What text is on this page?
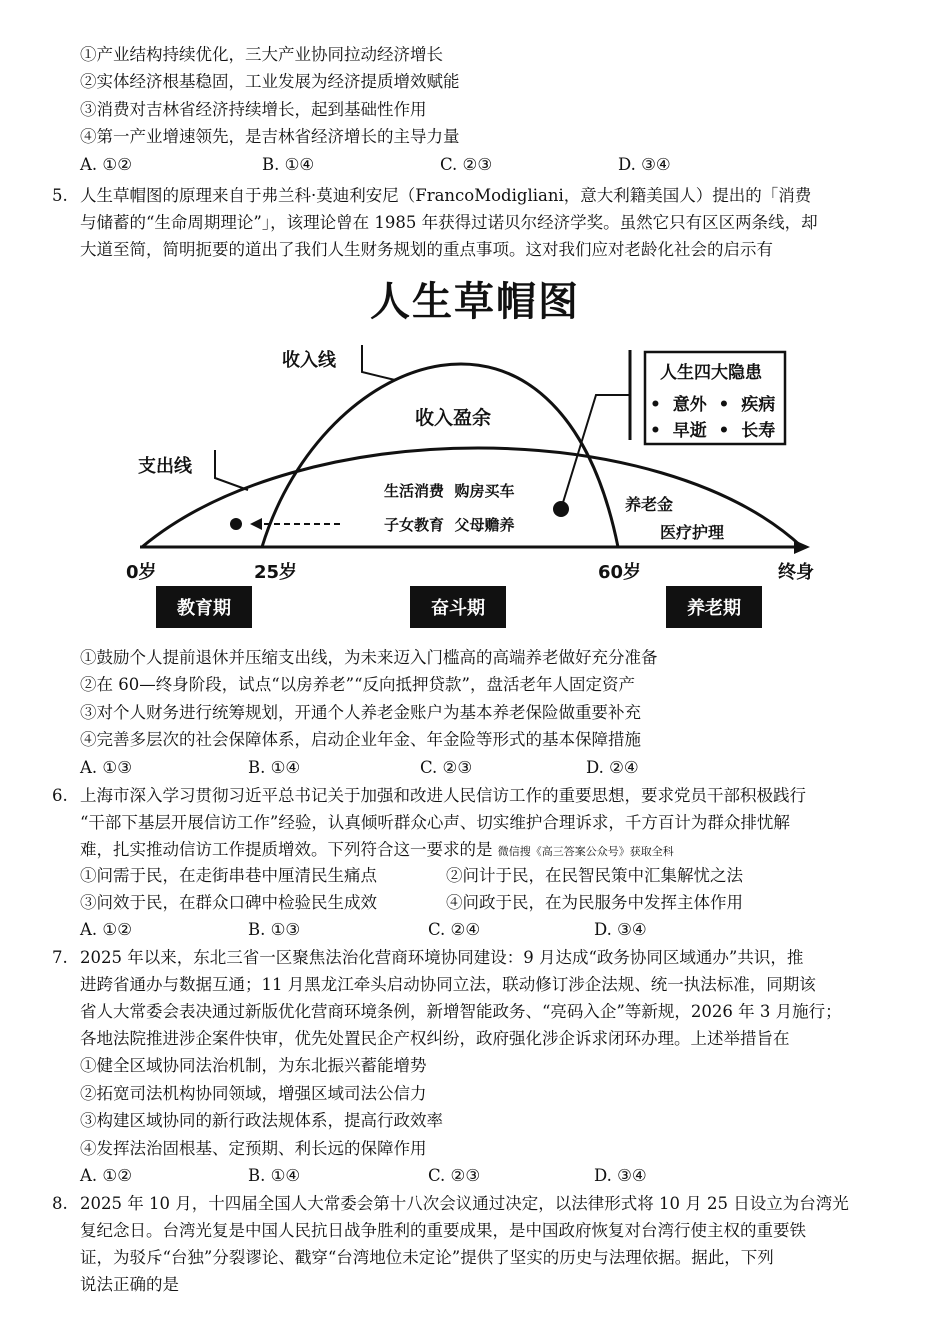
①产业结构持续优化，三大产业协同拉动经济增长
②实体经济根基稳固，工业发展为经济提质增效赋能
③消费对吉林省经济持续增长，起到基础性作用
④第一产业增速领先，是吉林省经济增长的主导力量
A. ①②	B. ①④	C. ②③	D. ③④
5. 人生草帽图的原理来自于弗兰科·莫迪利安尼（FrancoModigliani，意大利籍美国人）提出的「消费
与储蓄的“生命周期理论”」，该理论曾在 1985 年获得过诺贝尔经济学奖。虽然它只有区区两条线，却
大道至简，简明扼要的道出了我们人生财务规划的重点事项。这对我们应对老龄化社会的启示有
人生草帽图
收入线
支出线
收入盈余
生活消费  购房买车
子女教育  父母赡养
养老金
医疗护理
人生四大隐患
•  意外  •  疾病
•  早逝  •  长寿
0岁	25岁	60岁	终身
教育期	奋斗期	养老期
①鼓励个人提前退休并压缩支出线，为未来迈入门槛高的高端养老做好充分准备
②在 60—终身阶段，试点“以房养老”“反向抵押贷款”，盘活老年人固定资产
③对个人财务进行统筹规划，开通个人养老金账户为基本养老保险做重要补充
④完善多层次的社会保障体系，启动企业年金、年金险等形式的基本保障措施
A. ①③	B. ①④	C. ②③	D. ②④
6. 上海市深入学习贯彻习近平总书记关于加强和改进人民信访工作的重要思想，要求党员干部积极践行
“干部下基层开展信访工作”经验，认真倾听群众心声、切实维护合理诉求，千方百计为群众排忧解
难，扎实推动信访工作提质增效。下列符合这一要求的是 微信搜《高三答案公众号》获取全科
①问需于民，在走街串巷中厘清民生痛点	②问计于民，在民智民策中汇集解忧之法
③问效于民，在群众口碑中检验民生成效	④问政于民，在为民服务中发挥主体作用
A. ①②	B. ①③	C. ②④	D. ③④
7. 2025 年以来，东北三省一区聚焦法治化营商环境协同建设：9 月达成“政务协同区域通办”共识，推
进跨省通办与数据互通；11 月黑龙江牵头启动协同立法，联动修订涉企法规、统一执法标准，同期该
省人大常委会表决通过新版优化营商环境条例，新增智能政务、“亮码入企”等新规，2026 年 3 月施行；
各地法院推进涉企案件快审，优先处置民企产权纠纷，政府强化涉企诉求闭环办理。上述举措旨在
①健全区域协同法治机制，为东北振兴蓄能增势
②拓宽司法机构协同领域，增强区域司法公信力
③构建区域协同的新行政法规体系，提高行政效率
④发挥法治固根基、定预期、利长远的保障作用
A. ①②	B. ①④	C. ②③	D. ③④
8. 2025 年 10 月，十四届全国人大常委会第十八次会议通过决定，以法律形式将 10 月 25 日设立为台湾光
复纪念日。台湾光复是中国人民抗日战争胜利的重要成果，是中国政府恢复对台湾行使主权的重要铁
证，为驳斥“台独”分裂谬论、戳穿“台湾地位未定论”提供了坚实的历史与法理依据。据此，下列
说法正确的是
